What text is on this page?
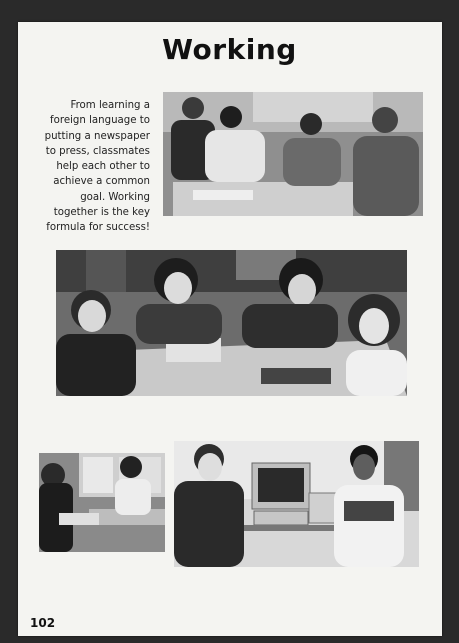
Working
From learning a foreign language to putting a newspaper to press, classmates help each other to achieve a common goal. Working together is the key formula for success!
102
